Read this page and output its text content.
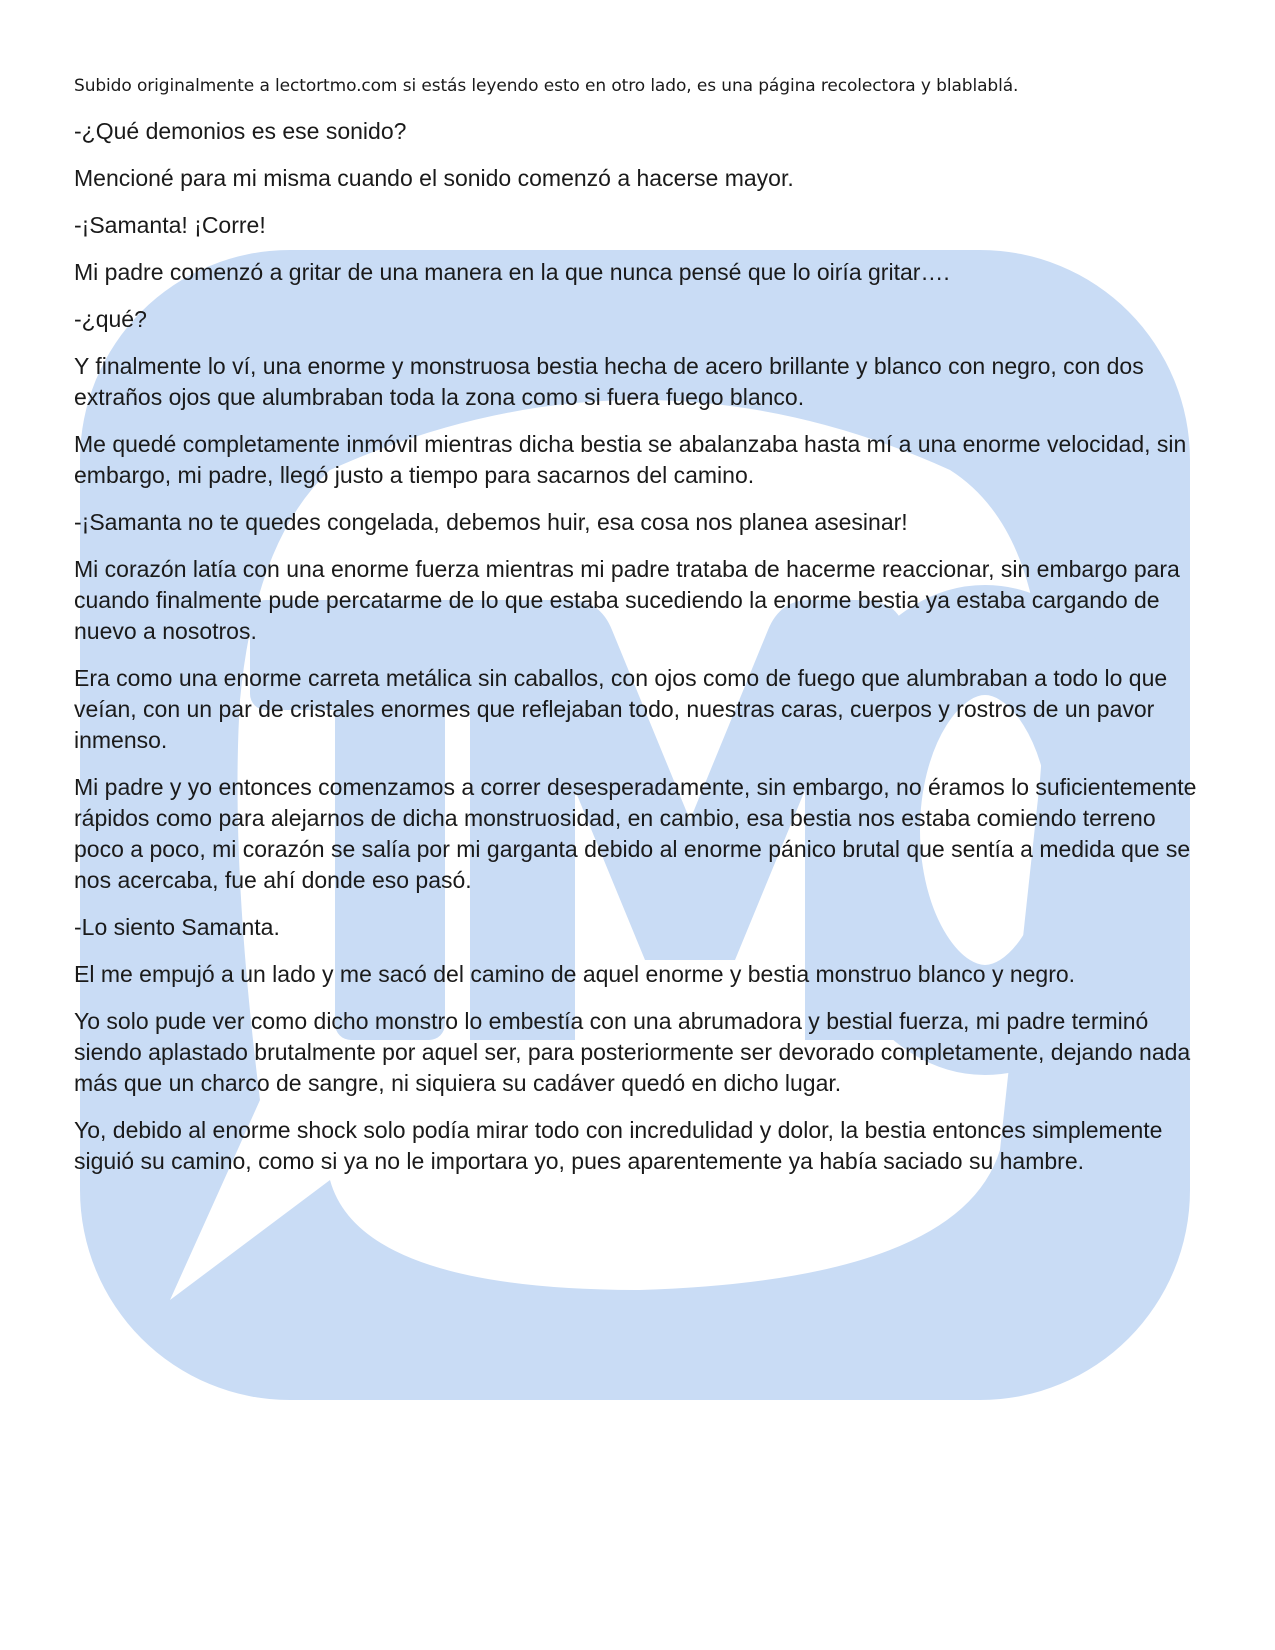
Subido originalmente a lectortmo.com si estás leyendo esto en otro lado, es una página recolectora y blablablá.

-¿Qué demonios es ese sonido?

Mencioné para mi misma cuando el sonido comenzó a hacerse mayor.

-¡Samanta! ¡Corre!

Mi padre comenzó a gritar de una manera en la que nunca pensé que lo oiría gritar….

-¿qué?

Y finalmente lo ví, una enorme y monstruosa bestia hecha de acero brillante y blanco con negro, con dos extraños ojos que alumbraban toda la zona como si fuera fuego blanco.

Me quedé completamente inmóvil mientras dicha bestia se abalanzaba hasta mí a una enorme velocidad, sin embargo, mi padre, llegó justo a tiempo para sacarnos del camino.

-¡Samanta no te quedes congelada, debemos huir, esa cosa nos planea asesinar!

Mi corazón latía con una enorme fuerza mientras mi padre trataba de hacerme reaccionar, sin embargo para cuando finalmente pude percatarme de lo que estaba sucediendo la enorme bestia ya estaba cargando de nuevo a nosotros.

Era como una enorme carreta metálica sin caballos, con ojos como de fuego que alumbraban a todo lo que veían, con un par de cristales enormes que reflejaban todo, nuestras caras, cuerpos y rostros de un pavor inmenso.

Mi padre y yo entonces comenzamos a correr desesperadamente, sin embargo, no éramos lo suficientemente rápidos como para alejarnos de dicha monstruosidad, en cambio, esa bestia nos estaba comiendo terreno poco a poco, mi corazón se salía por mi garganta debido al enorme pánico brutal que sentía a medida que se nos acercaba, fue ahí donde eso pasó.

-Lo siento Samanta.

El me empujó a un lado y me sacó del camino de aquel enorme y bestia monstruo blanco y negro.

Yo solo pude ver como dicho monstro lo embestía con una abrumadora y bestial fuerza, mi padre terminó siendo aplastado brutalmente por aquel ser, para posteriormente ser devorado completamente, dejando nada más que un charco de sangre, ni siquiera su cadáver quedó en dicho lugar.

Yo, debido al enorme shock solo podía mirar todo con incredulidad y dolor, la bestia entonces simplemente siguió su camino, como si ya no le importara yo, pues aparentemente ya había saciado su hambre.
